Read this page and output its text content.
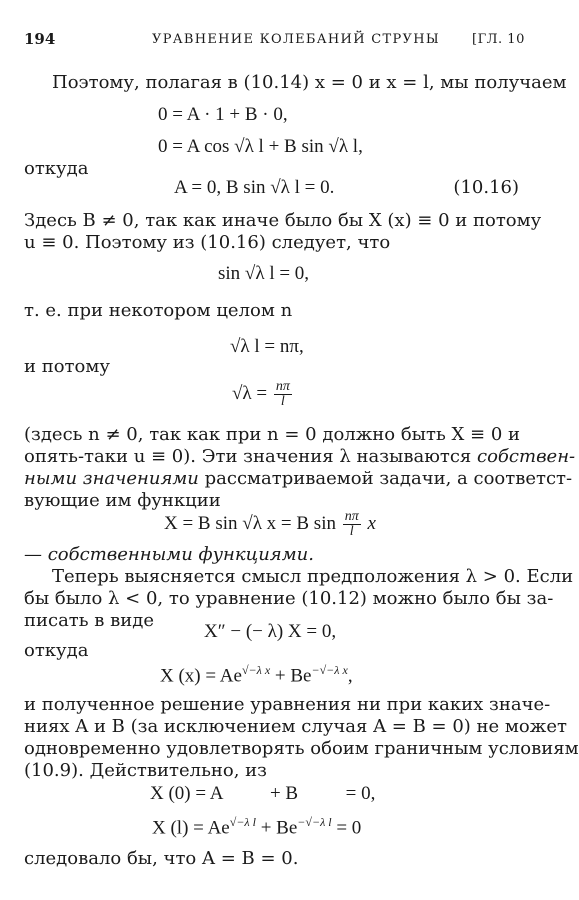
194	УРАВНЕНИЕ КОЛЕБАНИЙ СТРУНЫ [ГЛ. 10
Поэтому, полагая в (10.14) x = 0 и x = l, мы получаем
0 = A · 1 + B · 0,
0 = A cos √λ l + B sin √λ l,
откуда
A = 0, B sin √λ l = 0.	(10.16)
Здесь B ≠ 0, так как иначе было бы X (x) ≡ 0 и потому
u ≡ 0. Поэтому из (10.16) следует, что
sin √λ l = 0,
т. е. при некотором целом n
√λ l = nπ,
и потому
$√\lambda = \frac{n\pi}{l}$
(здесь n ≠ 0, так как при n = 0 должно быть X ≡ 0 и
опять-таки u ≡ 0). Эти значения λ называются собствен-
ными значениями рассматриваемой задачи, а соответст-
вующие им функции
X = B sin √λ x = B $\sin \frac{n\pi}{l}$ x
— собственными функциями.
Теперь выясняется смысл предположения λ > 0. Если
бы было λ < 0, то уравнение (10.12) можно было бы за-
писать в виде
X″ − (− λ) X = 0,
откуда
X $(x) = Ae^{√-\lambda x} + Be^{-√-\lambda x}$,
и полученное решение уравнения ни при каких значе-
ниях A и B (за исключением случая A = B = 0) не может
одновременно удовлетворять обоим граничным условиям
(10.9). Действительно, из
X (0) = A          + B          = 0,
X $(l) = Ae^{√-\lambda l} + Be^{-√-\lambda l} = 0$
следовало бы, что A = B = 0.
